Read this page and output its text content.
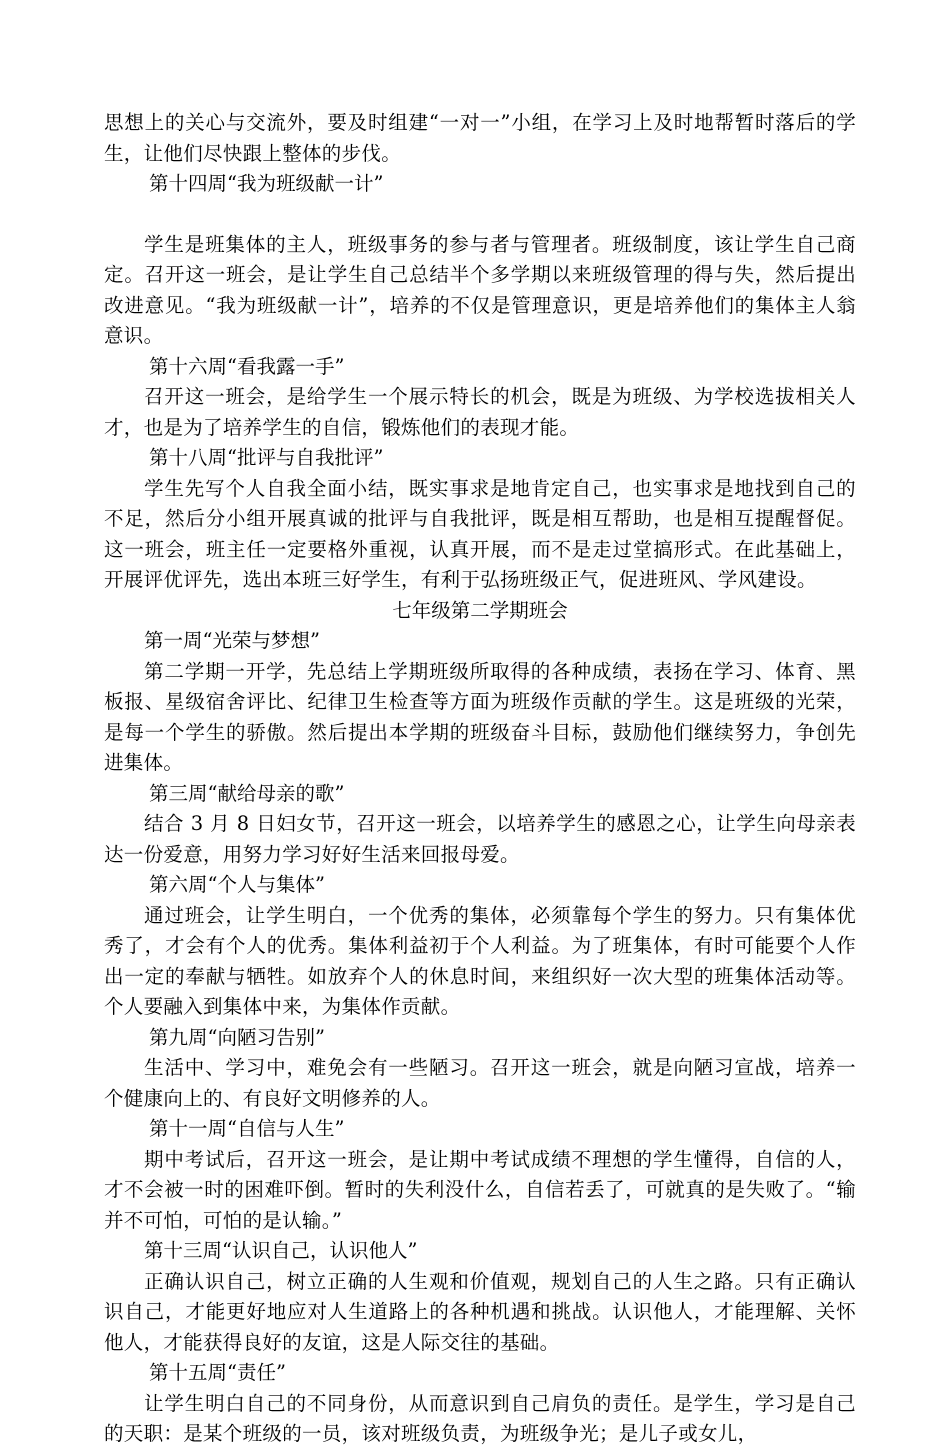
思想上的关心与交流外，要及时组建“一对一”小组，在学习上及时地帮暂时落后的学生，让他们尽快跟上整体的步伐。

第十四周“我为班级献一计”

学生是班集体的主人，班级事务的参与者与管理者。班级制度，该让学生自己商定。召开这一班会，是让学生自己总结半个多学期以来班级管理的得与失，然后提出改进意见。“我为班级献一计”，培养的不仅是管理意识，更是培养他们的集体主人翁意识。

第十六周“看我露一手”

召开这一班会，是给学生一个展示特长的机会，既是为班级、为学校选拔相关人才，也是为了培养学生的自信，锻炼他们的表现才能。

第十八周“批评与自我批评”

学生先写个人自我全面小结，既实事求是地肯定自己，也实事求是地找到自己的不足，然后分小组开展真诚的批评与自我批评，既是相互帮助，也是相互提醒督促。这一班会，班主任一定要格外重视，认真开展，而不是走过堂搞形式。在此基础上，开展评优评先，选出本班三好学生，有利于弘扬班级正气，促进班风、学风建设。

七年级第二学期班会

第一周“光荣与梦想”

第二学期一开学，先总结上学期班级所取得的各种成绩，表扬在学习、体育、黑板报、星级宿舍评比、纪律卫生检查等方面为班级作贡献的学生。这是班级的光荣，是每一个学生的骄傲。然后提出本学期的班级奋斗目标，鼓励他们继续努力，争创先进集体。

第三周“献给母亲的歌”

结合 3 月 8 日妇女节，召开这一班会，以培养学生的感恩之心，让学生向母亲表达一份爱意，用努力学习好好生活来回报母爱。

第六周“个人与集体”

通过班会，让学生明白，一个优秀的集体，必须靠每个学生的努力。只有集体优秀了，才会有个人的优秀。集体利益初于个人利益。为了班集体，有时可能要个人作出一定的奉献与牺牲。如放弃个人的休息时间，来组织好一次大型的班集体活动等。个人要融入到集体中来，为集体作贡献。

第九周“向陋习告别”

生活中、学习中，难免会有一些陋习。召开这一班会，就是向陋习宣战，培养一个健康向上的、有良好文明修养的人。

第十一周“自信与人生”

期中考试后，召开这一班会，是让期中考试成绩不理想的学生懂得，自信的人，才不会被一时的困难吓倒。暂时的失利没什么，自信若丢了，可就真的是失败了。“输并不可怕，可怕的是认输。”

第十三周“认识自己，认识他人”

正确认识自己，树立正确的人生观和价值观，规划自己的人生之路。只有正确认识自己，才能更好地应对人生道路上的各种机遇和挑战。认识他人，才能理解、关怀他人，才能获得良好的友谊，这是人际交往的基础。

第十五周“责任”

让学生明白自己的不同身份，从而意识到自己肩负的责任。是学生，学习是自己的天职：是某个班级的一员，该对班级负责，为班级争光；是儿子或女儿，
